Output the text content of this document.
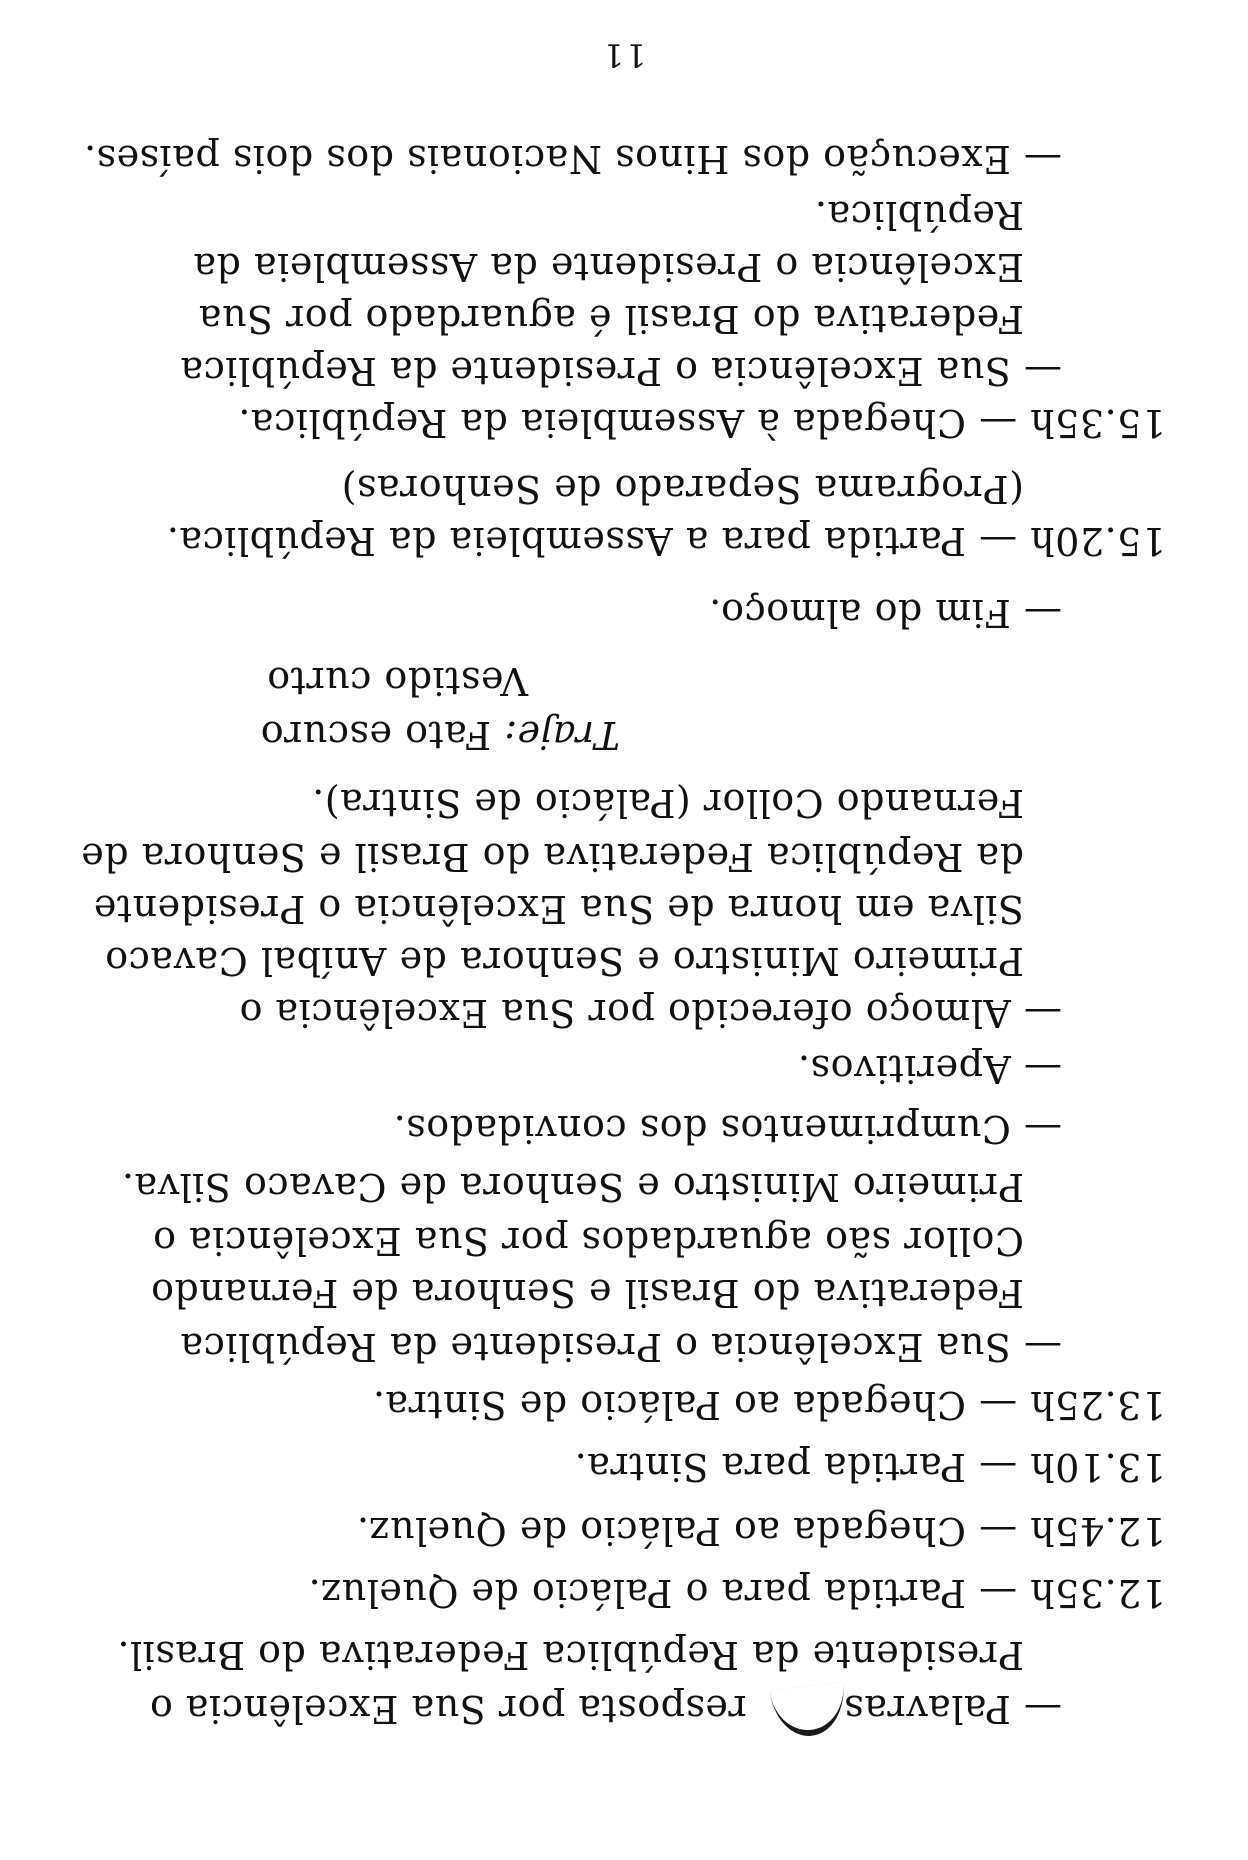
11
— Execução dos Hinos Nacionais dos dois países.
República.
Excelência o Presidente da Assembleia da
Federativa do Brasil é aguardado por Sua
— Sua Excelência o Presidente da República
15.35h — Chegada à Assembleia da República.
(Programa Separado de Senhoras)
15.20h — Partida para a Assembleia da República.
— Fim do almoço.
Vestido curto
Traje: Fato escuro
Fernando Collor (Palácio de Sintra).
da República Federativa do Brasil e Senhora de
Silva em honra de Sua Excelência o Presidente
Primeiro Ministro e Senhora de Aníbal Cavaco
— Almoço oferecido por Sua Excelência o
— Aperitivos.
— Cumprimentos dos convidados.
Primeiro Ministro e Senhora de Cavaco Silva.
Collor são aguardados por Sua Excelência o
Federativa do Brasil e Senhora de Fernando
— Sua Excelência o Presidente da República
13.25h — Chegada ao Palácio de Sintra.
13.10h — Partida para Sintra.
12.45h — Chegada ao Palácio de Queluz.
12.35h — Partida para o Palácio de Queluz.
Presidente da República Federativa do Brasil.
— Palavras  resposta por Sua Excelência o
